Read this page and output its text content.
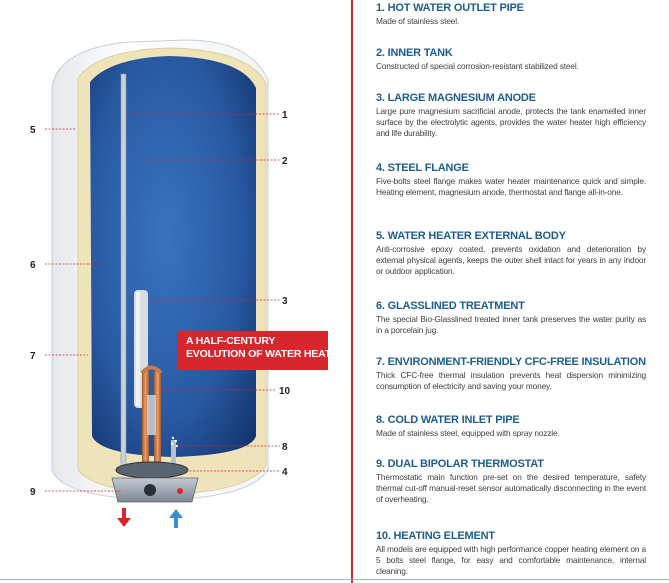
1
2
3
10
8
4
5
6
7
9
A HALF-CENTURY
EVOLUTION OF WATER HEATER
1. HOT WATER OUTLET PIPE

Made of stainless steel.

2. INNER TANK

Constructed of special corrosion-resistant stabilized steel.

3. LARGE MAGNESIUM ANODE

Large pure magnesium sacrificial anode, protects the tank enamelled inner surface by the electrolytic agents, provides the water heater high efficiency and life durability.

4. STEEL FLANGE

Five-bolts steel flange makes water heater maintenance quick and simple. Heating element, magnesium anode, thermostat and flange all-in-one.

5. WATER HEATER EXTERNAL BODY

Anti-corrosive epoxy coated, prevents oxidation and deterioration by external physical agents, keeps the outer shell intact for years in any indoor or outdoor application.

6. GLASSLINED TREATMENT

The special Bio-Glasslined treated inner tank preserves the water purity as in a porcelain jug.

7. ENVIRONMENT-FRIENDLY CFC-FREE INSULATION

Thick CFC-free thermal insulation prevents heat dispersion minimizing consumption of electricity and saving your money.

8. COLD WATER INLET PIPE

Made of stainless steel, equipped with spray nozzle.

9. DUAL BIPOLAR THERMOSTAT

Thermostatic main function pre-set on the desired temperature, safety thermal cut-off manual-reset sensor automatically disconnecting in the event of overheating.

10. HEATING ELEMENT

All models are equipped with high performance copper heating element on a 5 bolts steel flange, for easy and comfortable maintenance, internal cleaning.
